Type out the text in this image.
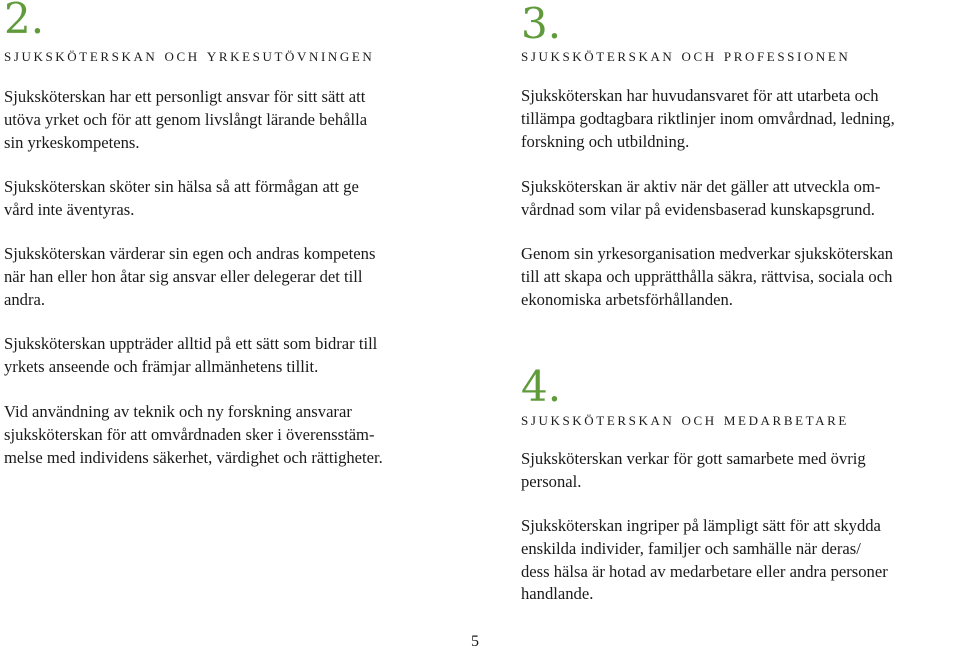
2.
sjuksköterskan och yrkesutövningen

Sjuksköterskan har ett personligt ansvar för sitt sätt att
utöva yrket och för att genom livslångt lärande behålla
sin yrkeskompetens.

Sjuksköterskan sköter sin hälsa så att förmågan att ge
vård inte äventyras.

Sjuksköterskan värderar sin egen och andras kompetens
när han eller hon åtar sig ansvar eller delegerar det till
andra.

Sjuksköterskan uppträder alltid på ett sätt som bidrar till
yrkets anseende och främjar allmänhetens tillit.

Vid användning av teknik och ny forskning ansvarar
sjuksköterskan för att omvårdnaden sker i överensstäm-
melse med individens säkerhet, värdighet och rättigheter.

3.
sjuksköterskan och professionen

Sjuksköterskan har huvudansvaret för att utarbeta och
tillämpa godtagbara riktlinjer inom omvårdnad, ledning,
forskning och utbildning.

Sjuksköterskan är aktiv när det gäller att utveckla om-
vårdnad som vilar på evidensbaserad kunskapsgrund.

Genom sin yrkesorganisation medverkar sjuksköterskan
till att skapa och upprätthålla säkra, rättvisa, sociala och
ekonomiska arbetsförhållanden.

4.
sjuksköterskan och medarbetare

Sjuksköterskan verkar för gott samarbete med övrig
personal.

Sjuksköterskan ingriper på lämpligt sätt för att skydda
enskilda individer, familjer och samhälle när deras/
dess hälsa är hotad av medarbetare eller andra personer
handlande.

5
